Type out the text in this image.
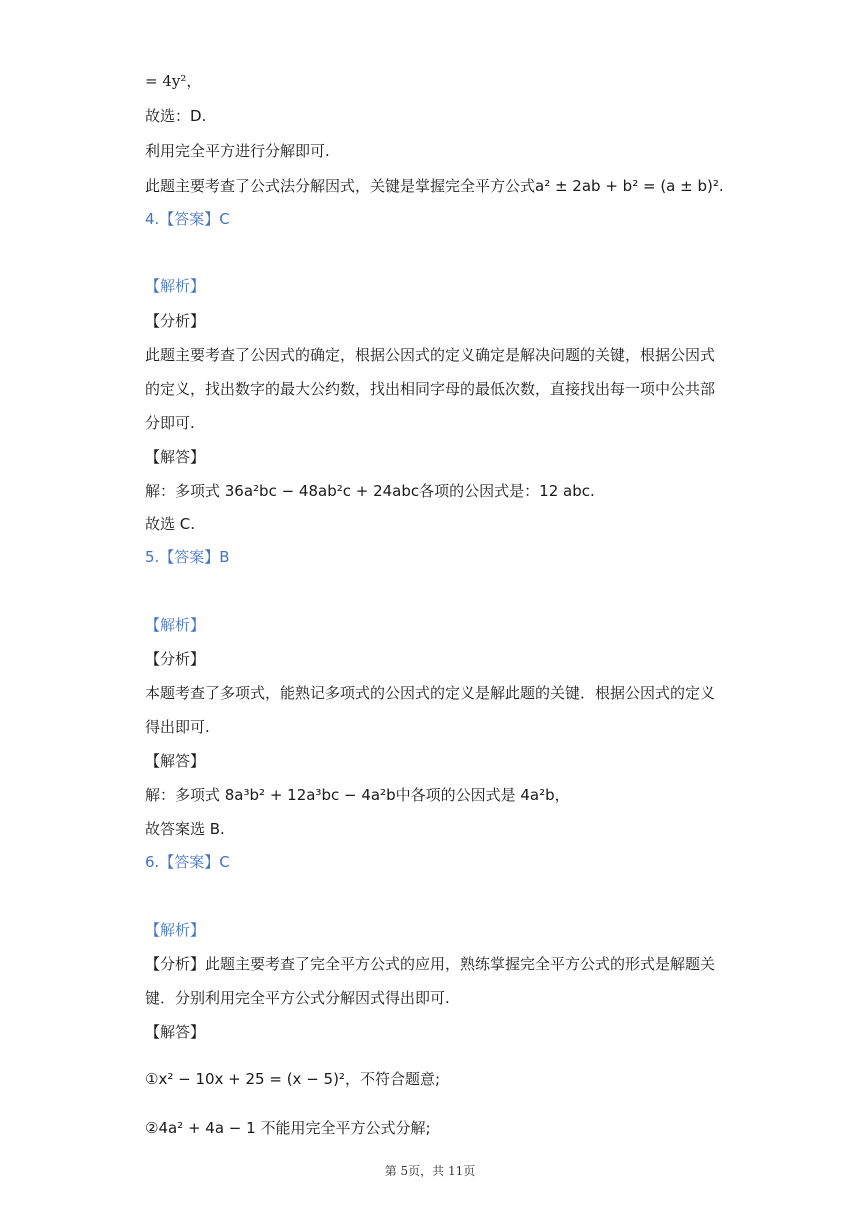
= 4y²，
故选：D.
利用完全平方进行分解即可.
此题主要考查了公式法分解因式，关键是掌握完全平方公式a² ± 2ab + b² = (a ± b)².
4.【答案】C
【解析】
【分析】
此题主要考查了公因式的确定，根据公因式的定义确定是解决问题的关键，根据公因式
的定义，找出数字的最大公约数，找出相同字母的最低次数，直接找出每一项中公共部
分即可.
【解答】
解：多项式 36a²bc − 48ab²c + 24abc各项的公因式是：12 abc.
故选 C.
5.【答案】B
【解析】
【分析】
本题考查了多项式，能熟记多项式的公因式的定义是解此题的关键．根据公因式的定义
得出即可.
【解答】
解：多项式 8a³b² + 12a³bc − 4a²b中各项的公因式是 4a²b，
故答案选 B.
6.【答案】C
【解析】
【分析】此题主要考查了完全平方公式的应用，熟练掌握完全平方公式的形式是解题关
键．分别利用完全平方公式分解因式得出即可.
【解答】
①x² − 10x + 25 = (x − 5)²，不符合题意;
②4a² + 4a − 1 不能用完全平方公式分解;
第 5页，共 11页
